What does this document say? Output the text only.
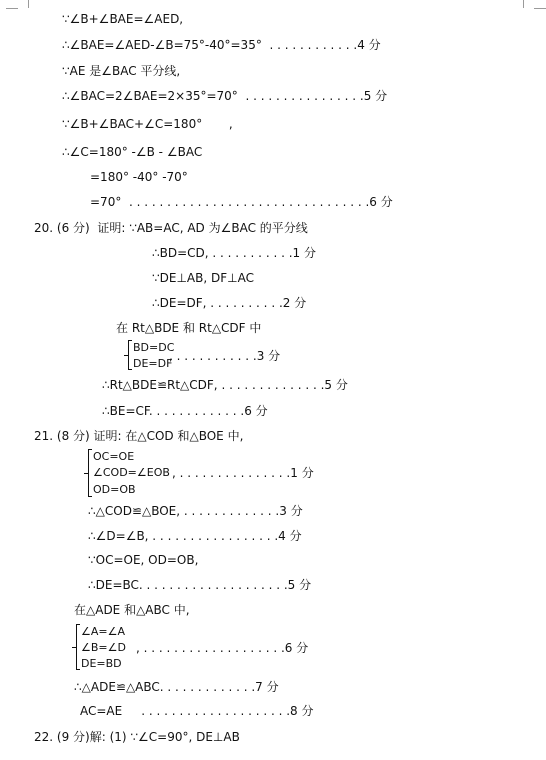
∵∠B+∠BAE=∠AED,
∴∠BAE=∠AED-∠B=75°-40°=35°  . . . . . . . . . . . .4 分
∵AE 是∠BAC 平分线,
∴∠BAC=2∠BAE=2×35°=70°  . . . . . . . . . . . . . . . .5 分
∵∠B+∠BAC+∠C=180°       ,
∴∠C=180° -∠B - ∠BAC
=180° -40° -70°
=70°  . . . . . . . . . . . . . . . . . . . . . . . . . . . . . . . .6 分
20. (6 分)  证明: ∵AB=AC, AD 为∠BAC 的平分线
∴BD=CD, . . . . . . . . . . .1 分
∵DE⊥AB, DF⊥AC
∴DE=DF, . . . . . . . . . .2 分
在 Rt△BDE 和 Rt△CDF 中
BD=DC
DE=DF
, . . . . . . . . . . .3 分
∴Rt△BDE≌Rt△CDF, . . . . . . . . . . . . . .5 分
∴BE=CF. . . . . . . . . . . . .6 分
21. (8 分) 证明: 在△COD 和△BOE 中,
OC=OE
∠COD=∠EOB
OD=OB
, . . . . . . . . . . . . . . .1 分
∴△COD≌△BOE, . . . . . . . . . . . . .3 分
∴∠D=∠B, . . . . . . . . . . . . . . . . .4 分
∵OC=OE, OD=OB,
∴DE=BC. . . . . . . . . . . . . . . . . . . .5 分
在△ADE 和△ABC 中,
∠A=∠A
∠B=∠D
DE=BD
, . . . . . . . . . . . . . . . . . . .6 分
∴△ADE≌△ABC. . . . . . . . . . . . .7 分
AC=AE     . . . . . . . . . . . . . . . . . . . .8 分
22. (9 分)解: (1) ∵∠C=90°, DE⊥AB
